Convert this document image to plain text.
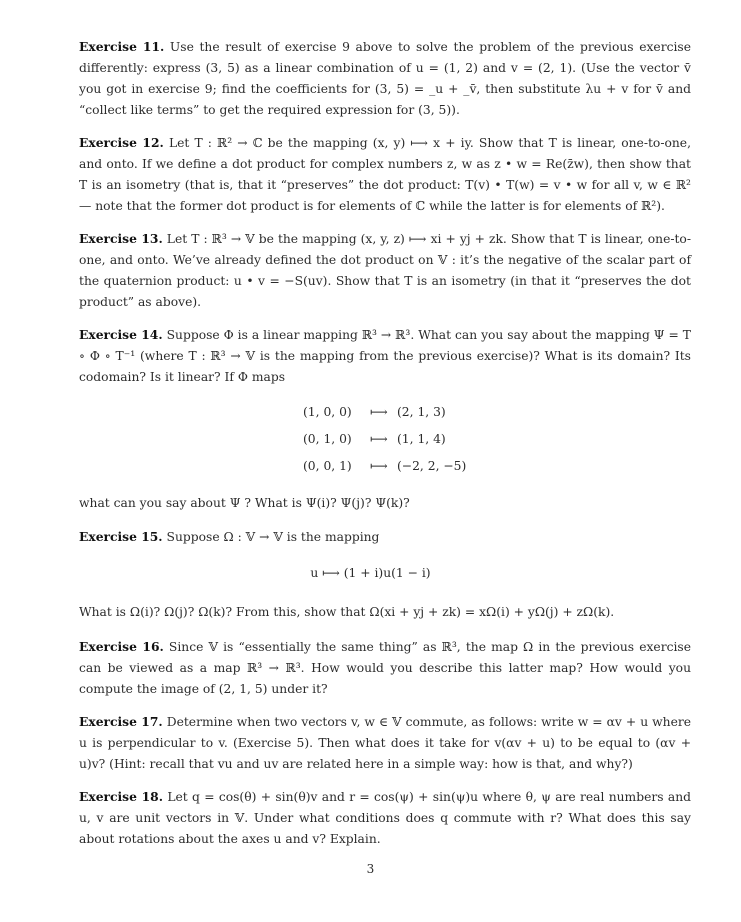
Exercise 11. Use the result of exercise 9 above to solve the problem of the previous exercise differently: express (3, 5) as a linear combination of u = (1, 2) and v = (2, 1). (Use the vector v̄ you got in exercise 9; find the coefficients for (3, 5) = _u + _v̄, then substitute λu + v for v̄ and “collect like terms” to get the required expression for (3, 5)).

Exercise 12. Let T : ℝ² → ℂ be the mapping (x, y) ⟼ x + iy. Show that T is linear, one-to-one, and onto. If we define a dot product for complex numbers z, w as z • w = Re(z̄w), then show that T is an isometry (that is, that it “preserves” the dot product: T(v) • T(w) = v • w for all v, w ∈ ℝ² — note that the former dot product is for elements of ℂ while the latter is for elements of ℝ²).

Exercise 13. Let T : ℝ³ → 𝕍 be the mapping (x, y, z) ⟼ xi + yj + zk. Show that T is linear, one-to-one, and onto. We’ve already defined the dot product on 𝕍 : it’s the negative of the scalar part of the quaternion product: u • v = −S(uv). Show that T is an isometry (in that it “preserves the dot product” as above).

Exercise 14. Suppose Φ is a linear mapping ℝ³ → ℝ³. What can you say about the mapping Ψ = T ∘ Φ ∘ T⁻¹ (where T : ℝ³ → 𝕍 is the mapping from the previous exercise)? What is its domain? Its codomain? Is it linear? If Φ maps

(1, 0, 0)	⟼	(2, 1, 3)
(0, 1, 0)	⟼	(1, 1, 4)
(0, 0, 1)	⟼	(−2, 2, −5)

what can you say about Ψ ? What is Ψ(i)? Ψ(j)? Ψ(k)?

Exercise 15. Suppose Ω : 𝕍 → 𝕍 is the mapping

u ⟼ (1 + i)u(1 − i)

What is Ω(i)? Ω(j)? Ω(k)? From this, show that Ω(xi + yj + zk) = xΩ(i) + yΩ(j) + zΩ(k).

Exercise 16. Since 𝕍 is “essentially the same thing” as ℝ³, the map Ω in the previous exercise can be viewed as a map ℝ³ → ℝ³. How would you describe this latter map? How would you compute the image of (2, 1, 5) under it?

Exercise 17. Determine when two vectors v, w ∈ 𝕍 commute, as follows: write w = αv + u where u is perpendicular to v. (Exercise 5). Then what does it take for v(αv + u) to be equal to (αv + u)v? (Hint: recall that vu and uv are related here in a simple way: how is that, and why?)

Exercise 18. Let q = cos(θ) + sin(θ)v and r = cos(ψ) + sin(ψ)u where θ, ψ are real numbers and u, v are unit vectors in 𝕍. Under what conditions does q commute with r? What does this say about rotations about the axes u and v? Explain.

3
